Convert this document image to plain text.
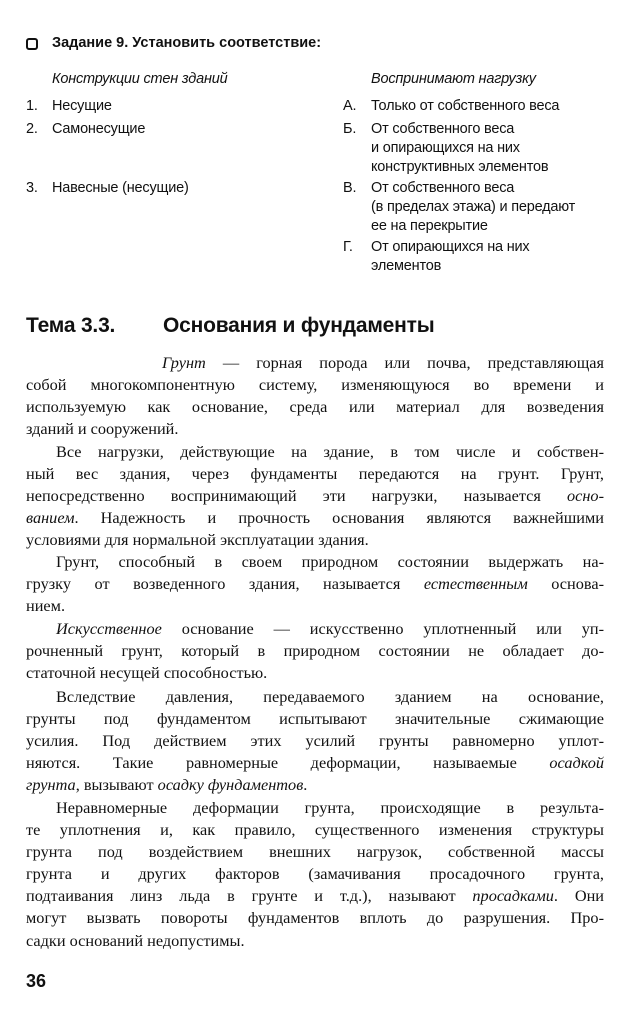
Задание 9. Установить соответствие:
Конструкции стен зданий	Воспринимают нагрузку
1. Несущие
2. Самонесущие
3. Навесные (несущие)
А. Только от собственного веса
Б. От собственного веса
и опирающихся на них
конструктивных элементов
В. От собственного веса
(в пределах этажа) и передают
ее на перекрытие
Г. От опирающихся на них
элементов
Тема 3.3. Основания и фундаменты
Грунт — горная порода или почва, представляющая
собой многокомпонентную систему, изменяющуюся во времени и
используемую как основание, среда или материал для возведения
зданий и сооружений.
Все нагрузки, действующие на здание, в том числе и собствен-
ный вес здания, через фундаменты передаются на грунт. Грунт,
непосредственно воспринимающий эти нагрузки, называется осно-
ванием. Надежность и прочность основания являются важнейшими
условиями для нормальной эксплуатации здания.
Грунт, способный в своем природном состоянии выдержать на-
грузку от возведенного здания, называется естественным основа-
нием.
Искусственное основание — искусственно уплотненный или уп-
рочненный грунт, который в природном состоянии не обладает до-
статочной несущей способностью.
Вследствие давления, передаваемого зданием на основание,
грунты под фундаментом испытывают значительные сжимающие
усилия. Под действием этих усилий грунты равномерно уплот-
няются. Такие равномерные деформации, называемые осадкой
грунта, вызывают осадку фундаментов.
Неравномерные деформации грунта, происходящие в результа-
те уплотнения и, как правило, существенного изменения структуры
грунта под воздействием внешних нагрузок, собственной массы
грунта и других факторов (замачивания просадочного грунта,
подтаивания линз льда в грунте и т.д.), называют просадками. Они
могут вызвать повороты фундаментов вплоть до разрушения. Про-
садки оснований недопустимы.
36
